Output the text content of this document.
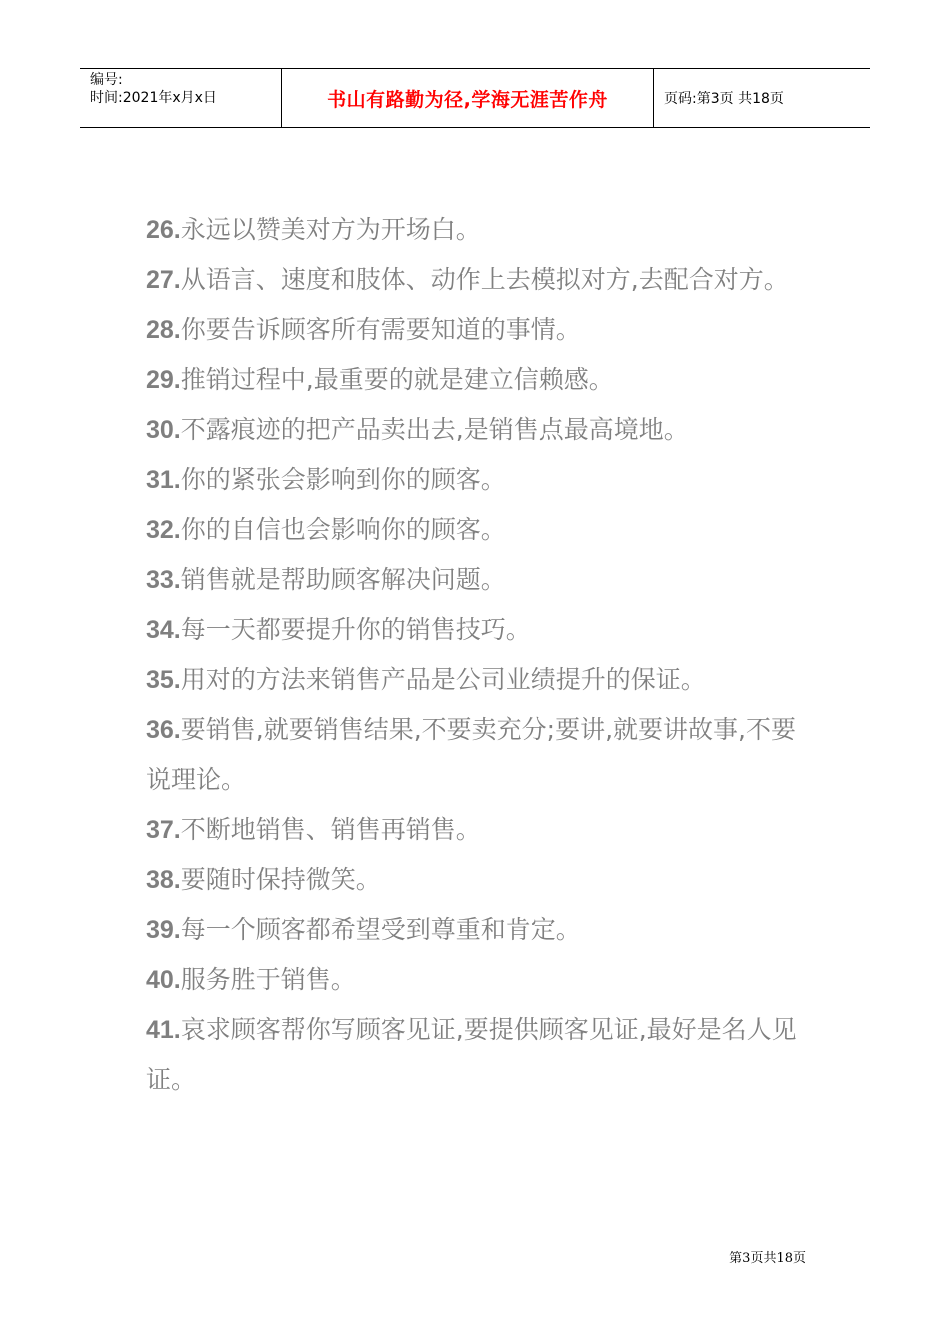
编号:
时间:2021年x月x日	书山有路勤为径,学海无涯苦作舟	页码:第3页 共18页

26.永远以赞美对方为开场白。

27.从语言、速度和肢体、动作上去模拟对方,去配合对方。

28.你要告诉顾客所有需要知道的事情。

29.推销过程中,最重要的就是建立信赖感。

30.不露痕迹的把产品卖出去,是销售点最高境地。

31.你的紧张会影响到你的顾客。

32.你的自信也会影响你的顾客。

33.销售就是帮助顾客解决问题。

34.每一天都要提升你的销售技巧。

35.用对的方法来销售产品是公司业绩提升的保证。

36.要销售,就要销售结果,不要卖充分;要讲,就要讲故事,不要说理论。

37.不断地销售、销售再销售。

38.要随时保持微笑。

39.每一个顾客都希望受到尊重和肯定。

40.服务胜于销售。

41.哀求顾客帮你写顾客见证,要提供顾客见证,最好是名人见证。

第3页共18页
